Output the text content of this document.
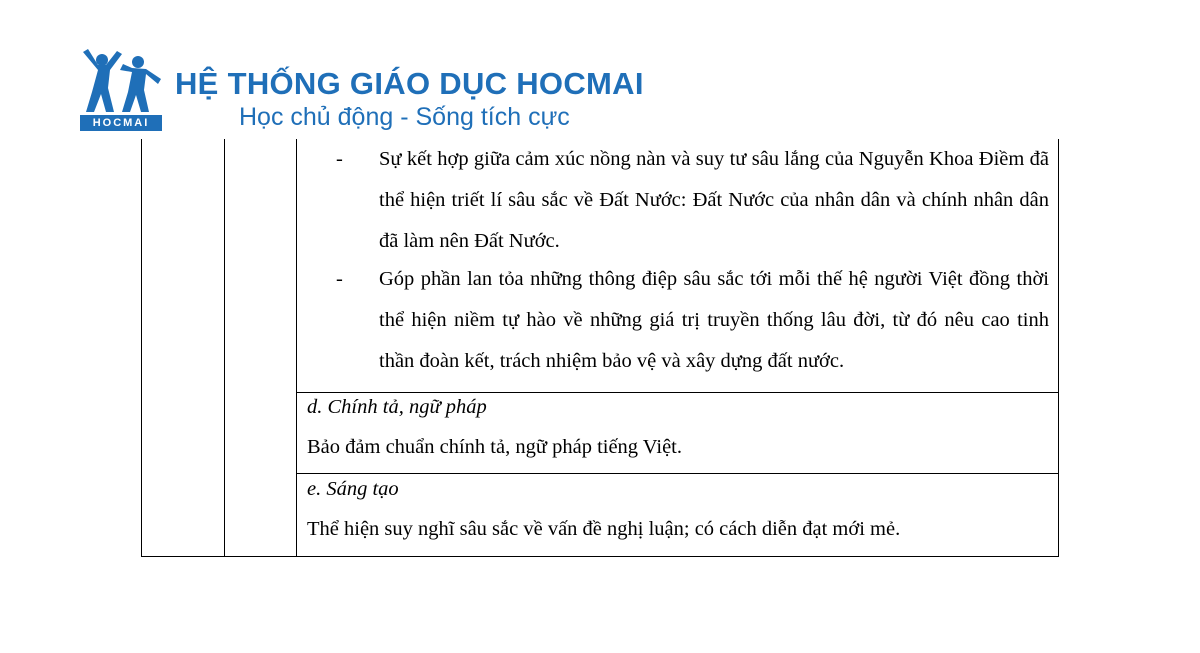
HOCMAI
HỆ THỐNG GIÁO DỤC HOCMAI
Học chủ động - Sống tích cực
-	Sự kết hợp giữa cảm xúc nồng nàn và suy tư sâu lắng của Nguyễn Khoa Điềm đã thể hiện triết lí sâu sắc về Đất Nước: Đất Nước của nhân dân và chính nhân dân đã làm nên Đất Nước.

-	Góp phần lan tỏa những thông điệp sâu sắc tới mỗi thế hệ người Việt đồng thời thể hiện niềm tự hào về những giá trị truyền thống lâu đời, từ đó nêu cao tinh thần đoàn kết, trách nhiệm bảo vệ và xây dựng đất nước.

d. Chính tả, ngữ pháp
Bảo đảm chuẩn chính tả, ngữ pháp tiếng Việt.
e. Sáng tạo
Thể hiện suy nghĩ sâu sắc về vấn đề nghị luận; có cách diễn đạt mới mẻ.
